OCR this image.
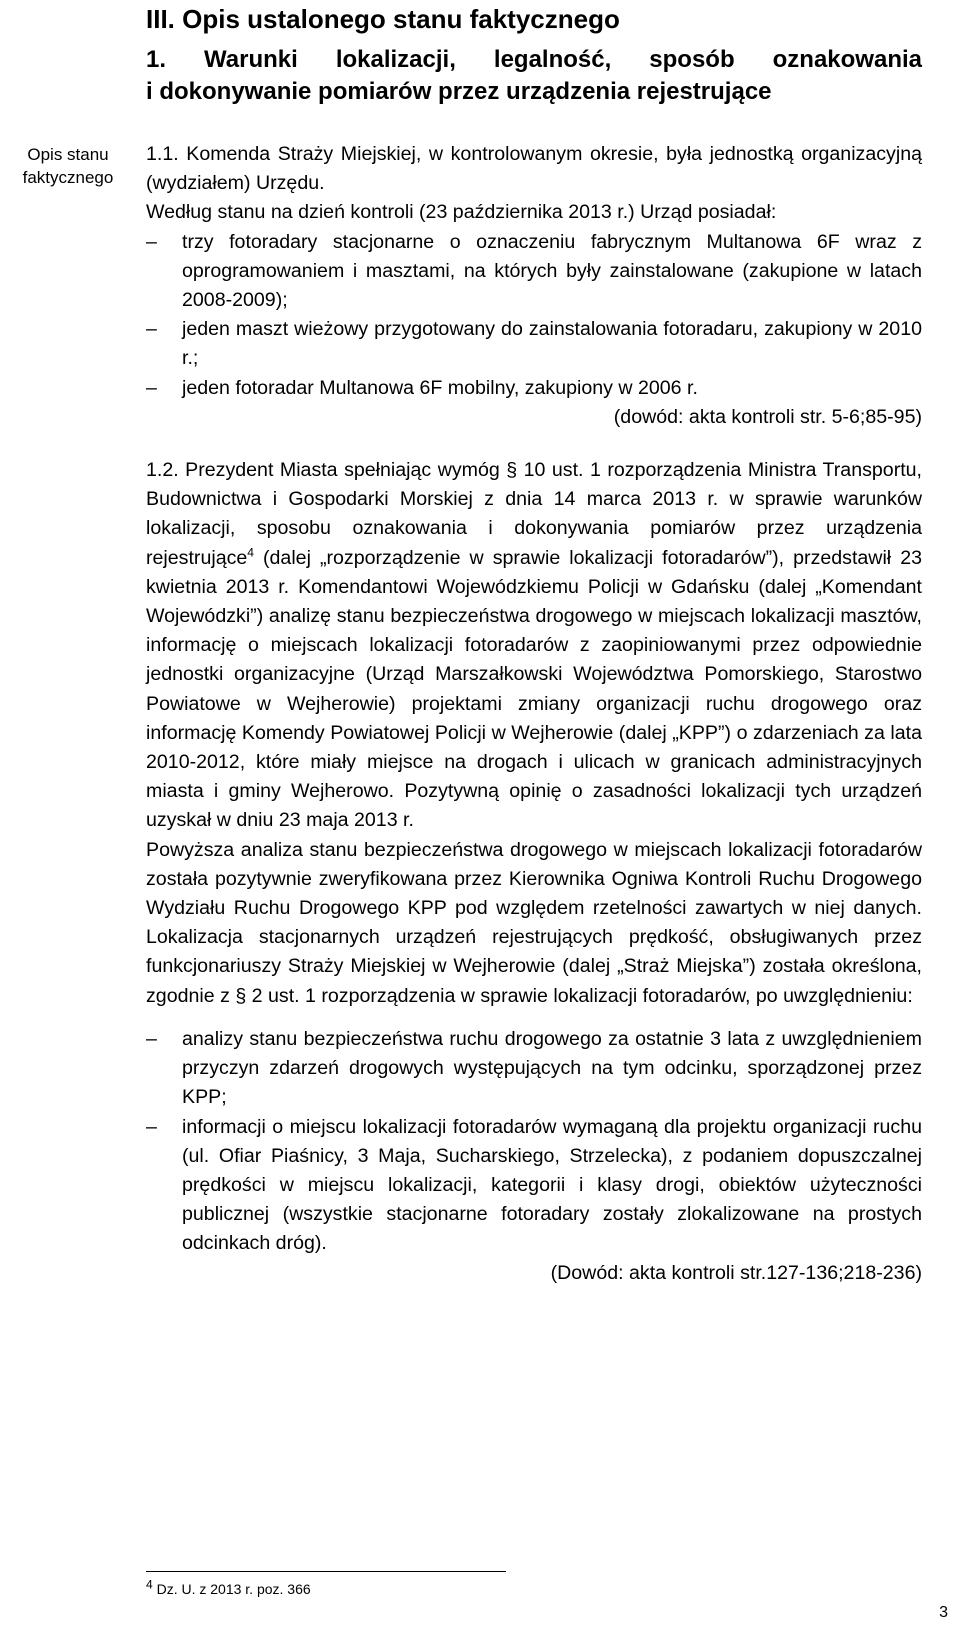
III. Opis ustalonego stanu faktycznego
1. Warunki lokalizacji, legalność, sposób oznakowania
i dokonywanie pomiarów przez urządzenia rejestrujące
Opis stanu
faktycznego

1.1. Komenda Straży Miejskiej, w kontrolowanym okresie, była jednostką organizacyjną (wydziałem) Urzędu.

Według stanu na dzień kontroli (23 października 2013 r.) Urząd posiadał:

– trzy fotoradary stacjonarne o oznaczeniu fabrycznym Multanowa 6F wraz z oprogramowaniem i masztami, na których były zainstalowane (zakupione w latach 2008-2009);
– jeden maszt wieżowy przygotowany do zainstalowania fotoradaru, zakupiony w 2010 r.;
– jeden fotoradar Multanowa 6F mobilny, zakupiony w 2006 r.

(dowód: akta kontroli str. 5-6;85-95)

1.2. Prezydent Miasta spełniając wymóg § 10 ust. 1 rozporządzenia Ministra Transportu, Budownictwa i Gospodarki Morskiej z dnia 14 marca 2013 r. w sprawie warunków lokalizacji, sposobu oznakowania i dokonywania pomiarów przez urządzenia rejestrujące$^4$ (dalej „rozporządzenie w sprawie lokalizacji fotoradarów”), przedstawił 23 kwietnia 2013 r. Komendantowi Wojewódzkiemu Policji w Gdańsku (dalej „Komendant Wojewódzki”) analizę stanu bezpieczeństwa drogowego w miejscach lokalizacji masztów, informację o miejscach lokalizacji fotoradarów z zaopiniowanymi przez odpowiednie jednostki organizacyjne (Urząd Marszałkowski Województwa Pomorskiego, Starostwo Powiatowe w Wejherowie) projektami zmiany organizacji ruchu drogowego oraz informację Komendy Powiatowej Policji w Wejherowie (dalej „KPP”) o zdarzeniach za lata 2010-2012, które miały miejsce na drogach i ulicach w granicach administracyjnych miasta i gminy Wejherowo. Pozytywną opinię o zasadności lokalizacji tych urządzeń uzyskał w dniu 23 maja 2013 r.

Powyższa analiza stanu bezpieczeństwa drogowego w miejscach lokalizacji fotoradarów została pozytywnie zweryfikowana przez Kierownika Ogniwa Kontroli Ruchu Drogowego Wydziału Ruchu Drogowego KPP pod względem rzetelności zawartych w niej danych. Lokalizacja stacjonarnych urządzeń rejestrujących prędkość, obsługiwanych przez funkcjonariuszy Straży Miejskiej w Wejherowie (dalej „Straż Miejska”) została określona, zgodnie z § 2 ust. 1 rozporządzenia w sprawie lokalizacji fotoradarów, po uwzględnieniu:

– analizy stanu bezpieczeństwa ruchu drogowego za ostatnie 3 lata z uwzględnieniem przyczyn zdarzeń drogowych występujących na tym odcinku, sporządzonej przez KPP;
– informacji o miejscu lokalizacji fotoradarów wymaganą dla projektu organizacji ruchu (ul. Ofiar Piaśnicy, 3 Maja, Sucharskiego, Strzelecka), z podaniem dopuszczalnej prędkości w miejscu lokalizacji, kategorii i klasy drogi, obiektów użyteczności publicznej (wszystkie stacjonarne fotoradary zostały zlokalizowane na prostych odcinkach dróg).

(Dowód: akta kontroli str.127-136;218-236)

$^4$ Dz. U. z 2013 r. poz. 366
3
